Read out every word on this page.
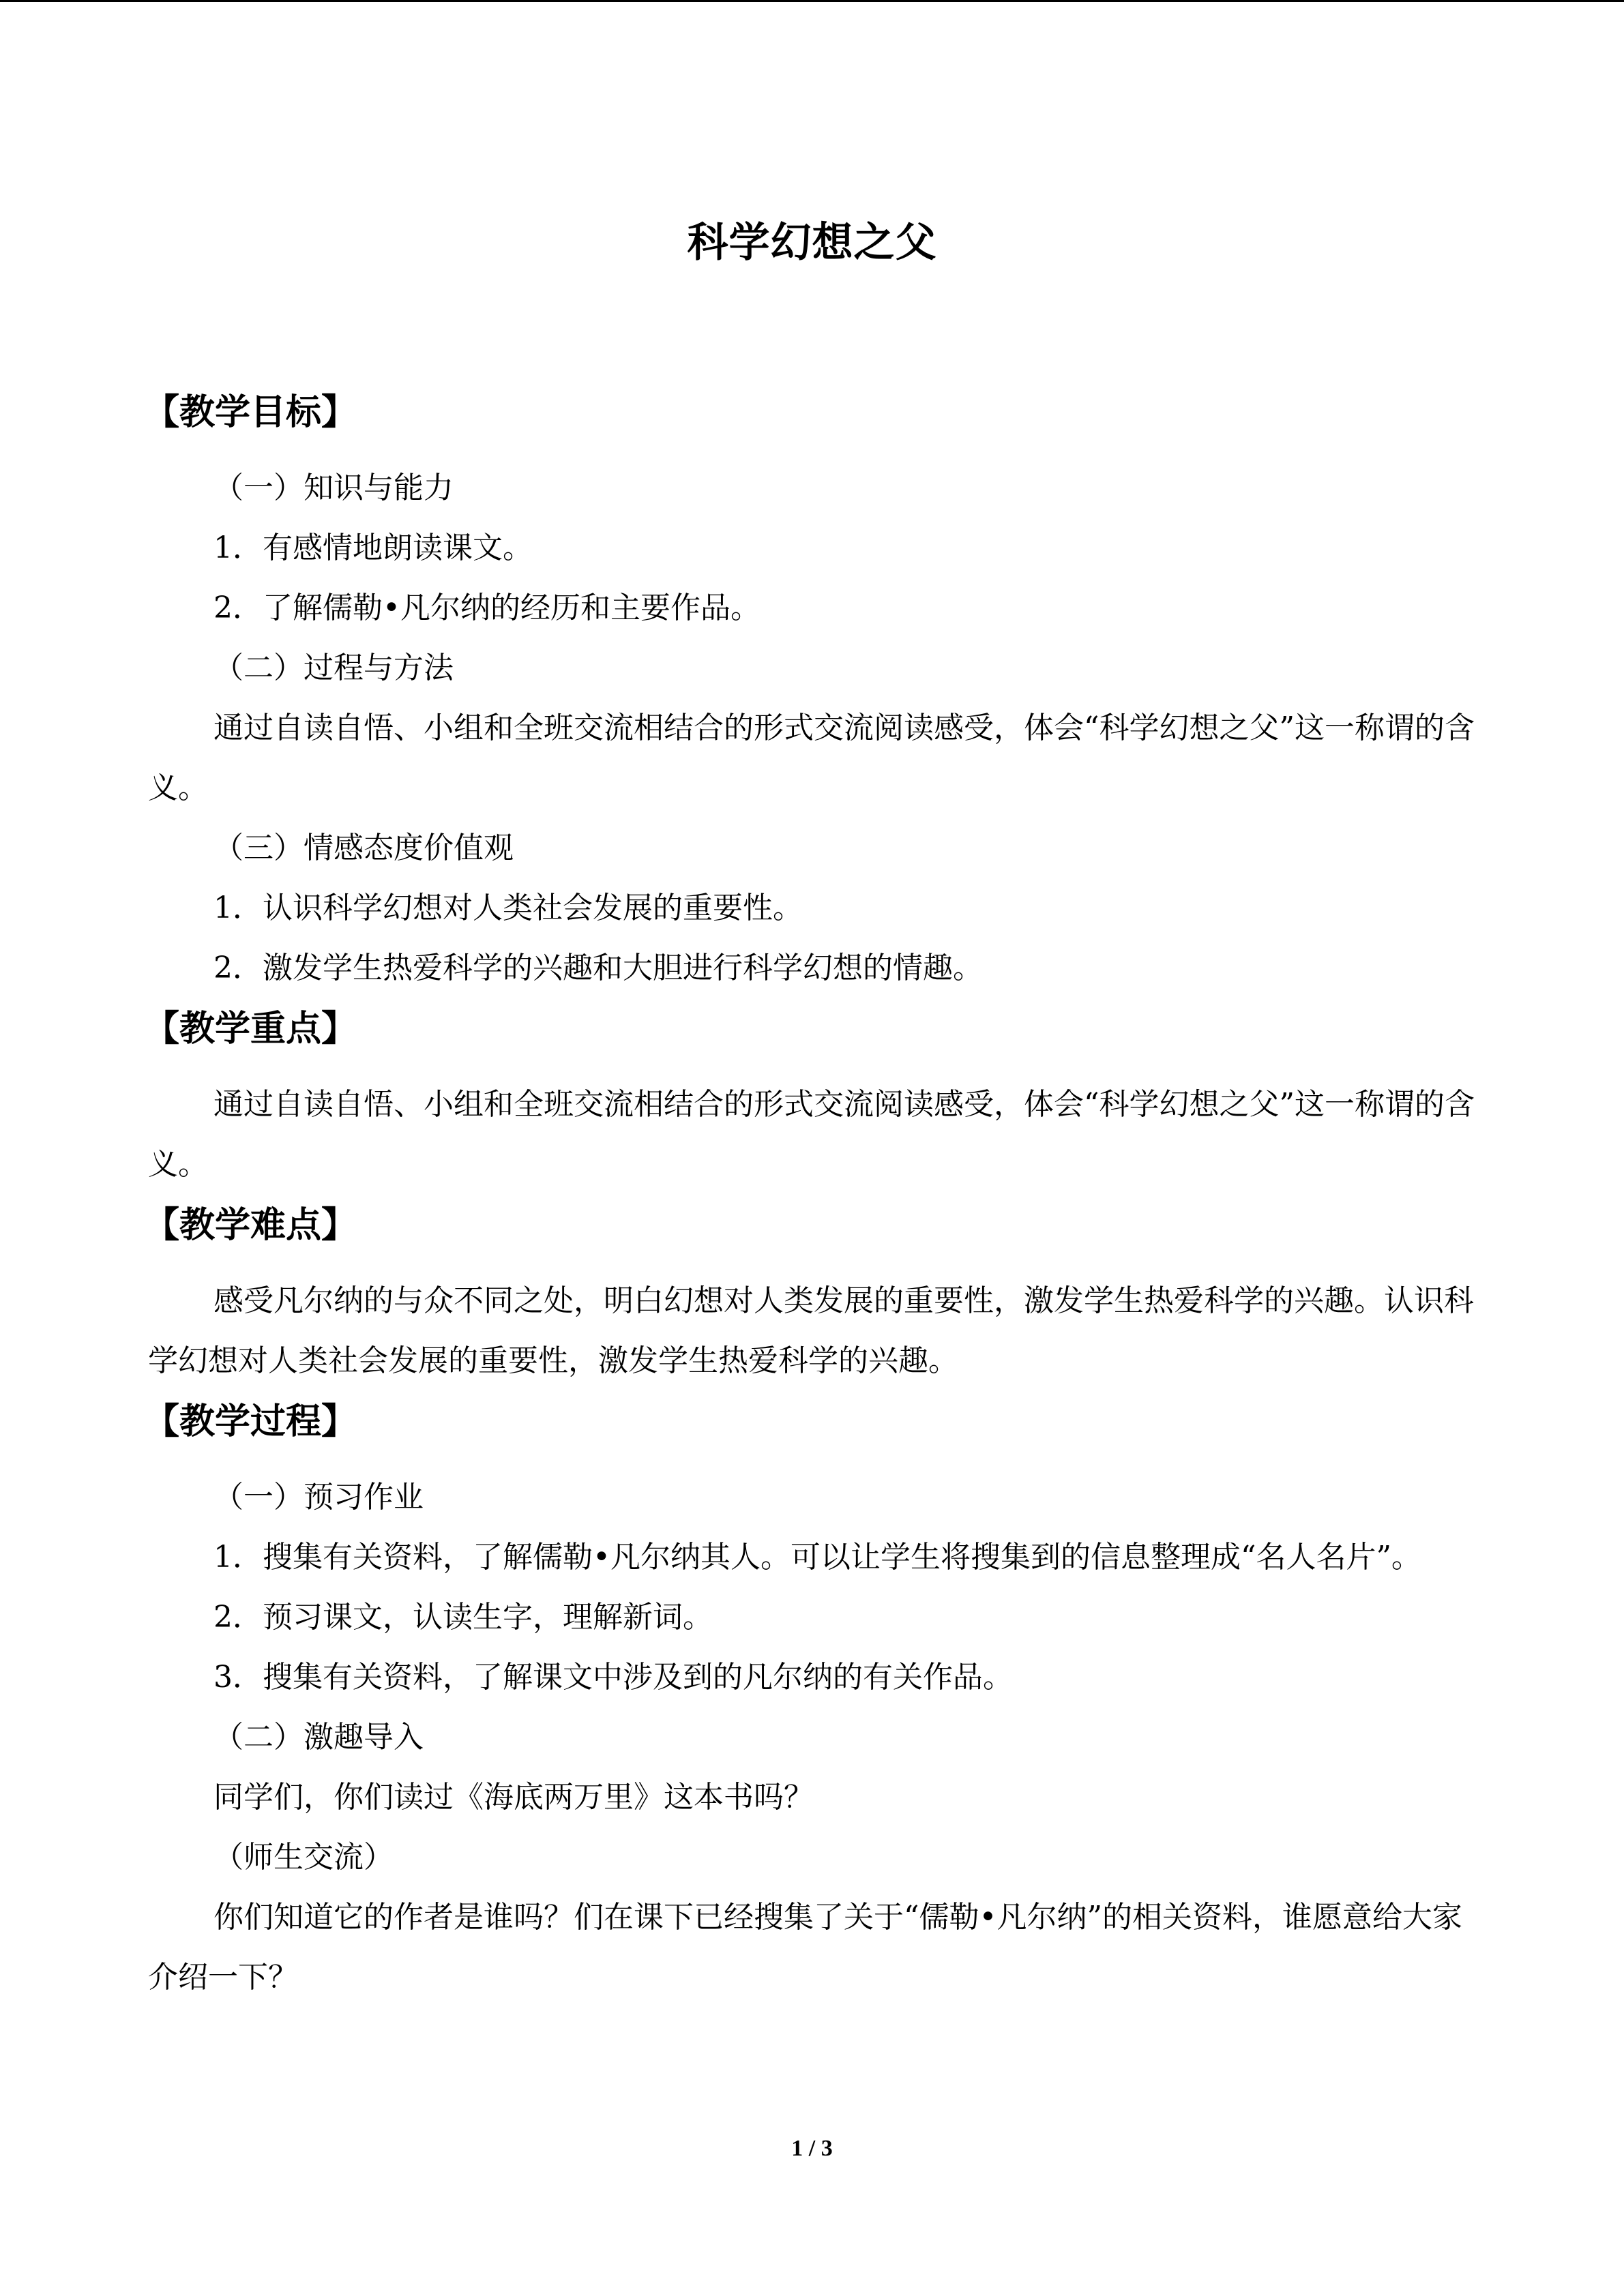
科学幻想之父
【教学目标】

（一）知识与能力

1．有感情地朗读课文。

2．了解儒勒•凡尔纳的经历和主要作品。

（二）过程与方法

通过自读自悟、小组和全班交流相结合的形式交流阅读感受，体会“科学幻想之父”这一称谓的含义。

（三）情感态度价值观

1．认识科学幻想对人类社会发展的重要性。

2．激发学生热爱科学的兴趣和大胆进行科学幻想的情趣。

【教学重点】

通过自读自悟、小组和全班交流相结合的形式交流阅读感受，体会“科学幻想之父”这一称谓的含义。

【教学难点】

感受凡尔纳的与众不同之处，明白幻想对人类发展的重要性，激发学生热爱科学的兴趣。认识科学幻想对人类社会发展的重要性，激发学生热爱科学的兴趣。

【教学过程】

（一）预习作业

1．搜集有关资料，了解儒勒•凡尔纳其人。可以让学生将搜集到的信息整理成“名人名片”。

2．预习课文，认读生字，理解新词。

3．搜集有关资料，了解课文中涉及到的凡尔纳的有关作品。

（二）激趣导入

同学们，你们读过《海底两万里》这本书吗？

（师生交流）

你们知道它的作者是谁吗？们在课下已经搜集了关于“儒勒•凡尔纳”的相关资料，谁愿意给大家介绍一下？

1 / 3
